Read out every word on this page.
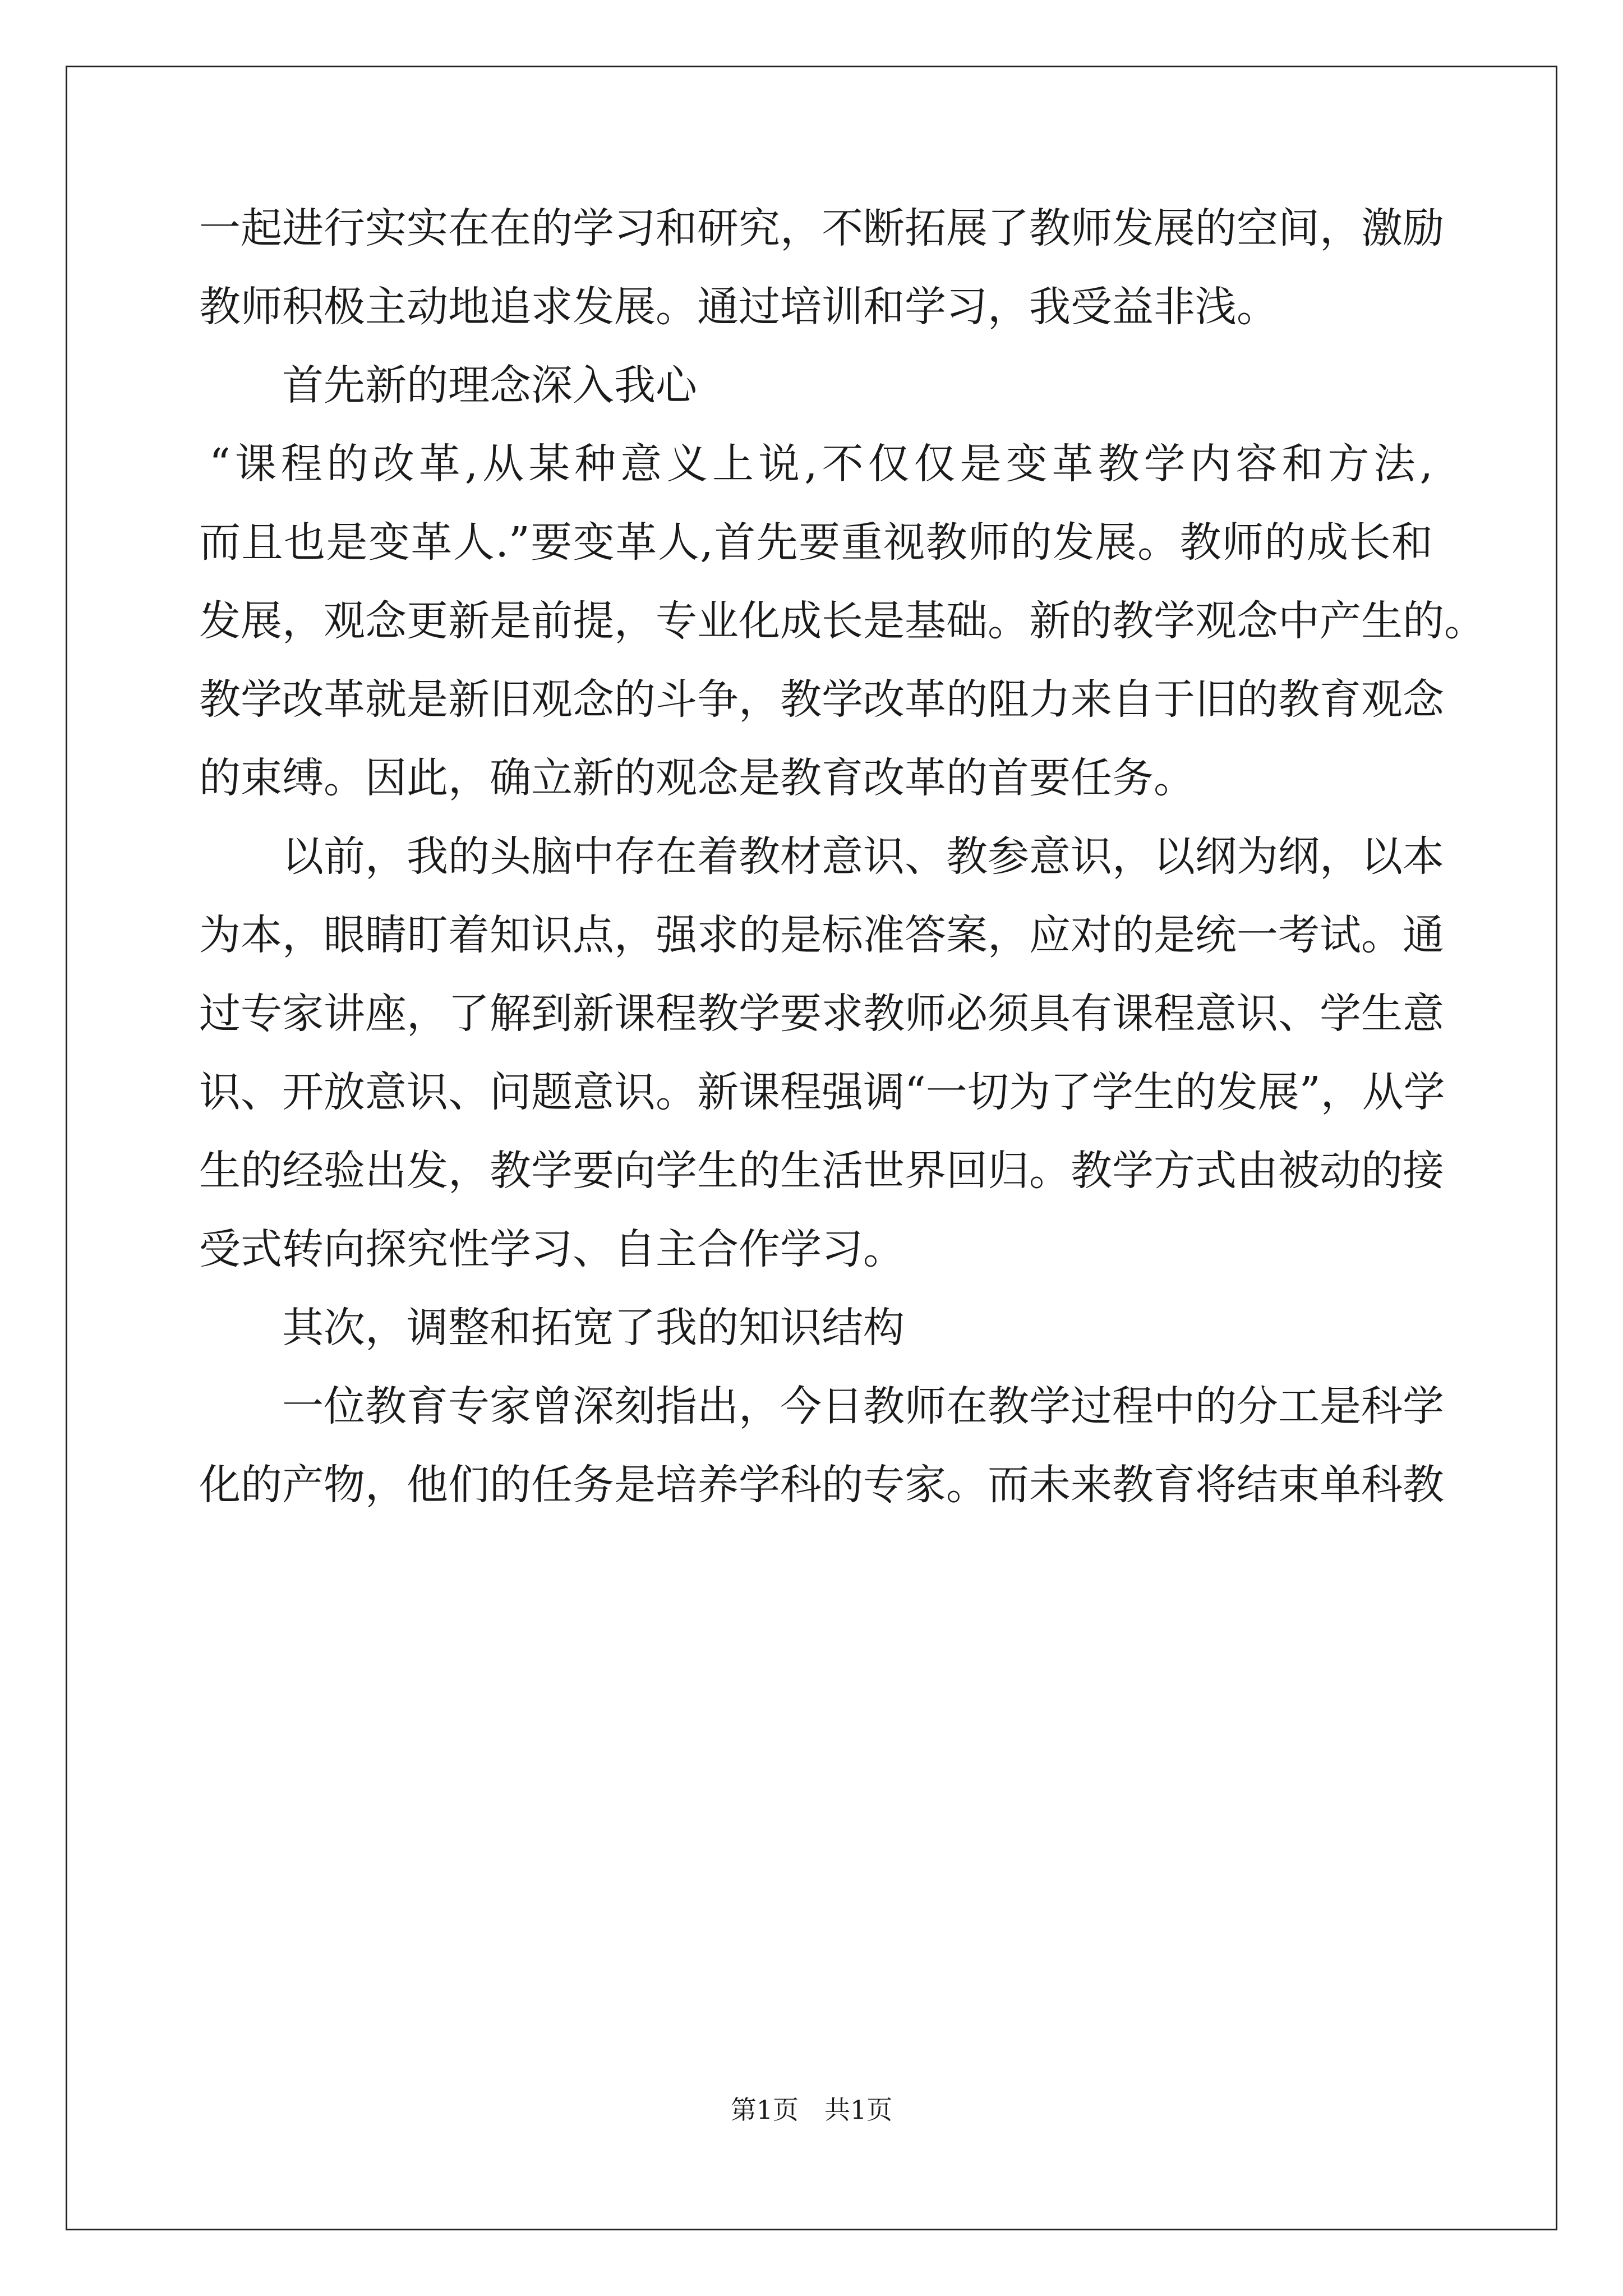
一起进行实实在在的学习和研究，不断拓展了教师发展的空间，激励

教师积极主动地追求发展。通过培训和学习，我受益非浅。

首先新的理念深入我心

“课程的改革,从某种意义上说,不仅仅是变革教学内容和方法,

而且也是变革人.”要变革人,首先要重视教师的发展。教师的成长和

发展，观念更新是前提，专业化成长是基础。新的教学观念中产生的。

教学改革就是新旧观念的斗争，教学改革的阻力来自于旧的教育观念

的束缚。因此，确立新的观念是教育改革的首要任务。

以前，我的头脑中存在着教材意识、教参意识，以纲为纲，以本

为本，眼睛盯着知识点，强求的是标准答案，应对的是统一考试。通

过专家讲座，了解到新课程教学要求教师必须具有课程意识、学生意

识、开放意识、问题意识。新课程强调“一切为了学生的发展”，从学

生的经验出发，教学要向学生的生活世界回归。教学方式由被动的接

受式转向探究性学习、自主合作学习。

其次，调整和拓宽了我的知识结构

一位教育专家曾深刻指出，今日教师在教学过程中的分工是科学

化的产物，他们的任务是培养学科的专家。而未来教育将结束单科教

第1页　共1页
